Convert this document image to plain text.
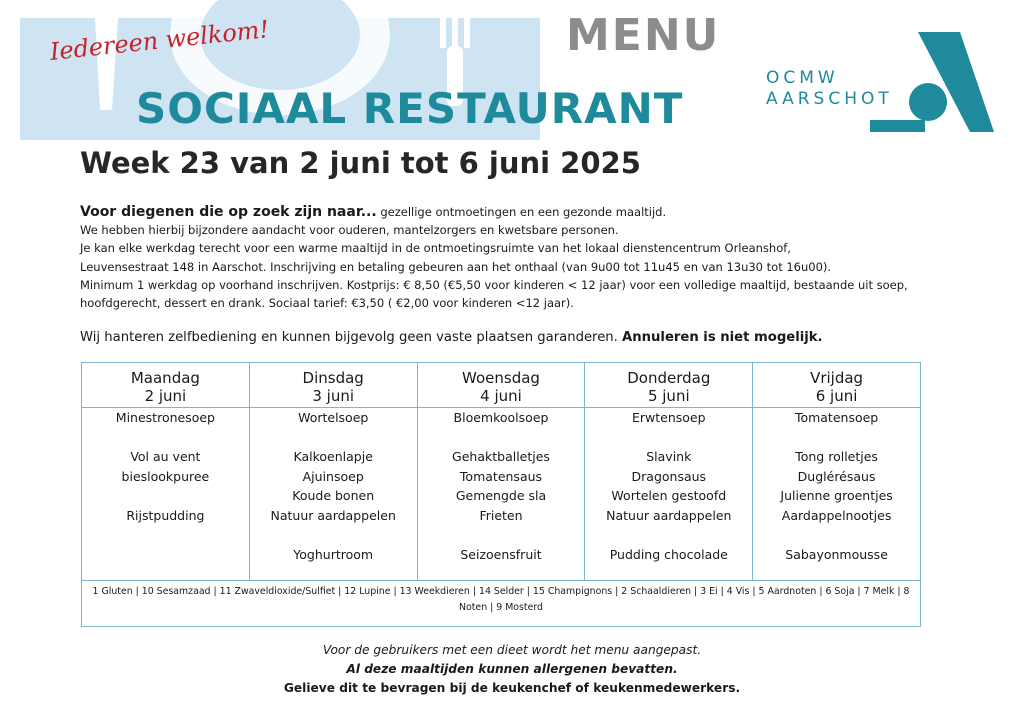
Iedereen welkom!	MENU
SOCIAAL RESTAURANT
OCMW
AARSCHOT
Week 23 van 2 juni tot 6 juni 2025

Voor diegenen die op zoek zijn naar... gezellige ontmoetingen en een gezonde maaltijd.

We hebben hierbij bijzondere aandacht voor ouderen, mantelzorgers en kwetsbare personen.

Je kan elke werkdag terecht voor een warme maaltijd in de ontmoetingsruimte van het lokaal dienstencentrum Orleanshof,

Leuvensestraat 148 in Aarschot. Inschrijving en betaling gebeuren aan het onthaal (van 9u00 tot 11u45 en van 13u30 tot 16u00).

Minimum 1 werkdag op voorhand inschrijven. Kostprijs: € 8,50 (€5,50 voor kinderen < 12 jaar) voor een volledige maaltijd, bestaande uit soep,

hoofdgerecht, dessert en drank. Sociaal tarief: €3,50 ( €2,00 voor kinderen <12 jaar).

Wij hanteren zelfbediening en kunnen bijgevolg geen vaste plaatsen garanderen. Annuleren is niet mogelijk.
Maandag
2 juni
Minestronesoep
Vol au vent
bieslookpuree
Rijstpudding
Dinsdag
3 juni
Wortelsoep
Kalkoenlapje
Ajuinsoep
Koude bonen
Natuur aardappelen
Yoghurtroom
Woensdag
4 juni
Bloemkoolsoep
Gehaktballetjes
Tomatensaus
Gemengde sla
Frieten
Seizoensfruit
Donderdag
5 juni
Erwtensoep
Slavink
Dragonsaus
Wortelen gestoofd
Natuur aardappelen
Pudding chocolade
Vrijdag
6 juni
Tomatensoep
Tong rolletjes
Duglérésaus
Julienne groentjes
Aardappelnootjes
Sabayonmousse
1 Gluten | 10 Sesamzaad | 11 Zwaveldioxide/Sulfiet | 12 Lupine | 13 Weekdieren | 14 Selder | 15 Champignons | 2 Schaaldieren | 3 Ei | 4 Vis | 5 Aardnoten | 6 Soja | 7 Melk | 8 Noten | 9 Mosterd
Voor de gebruikers met een dieet wordt het menu aangepast.
Al deze maaltijden kunnen allergenen bevatten.
Gelieve dit te bevragen bij de keukenchef of keukenmedewerkers.
